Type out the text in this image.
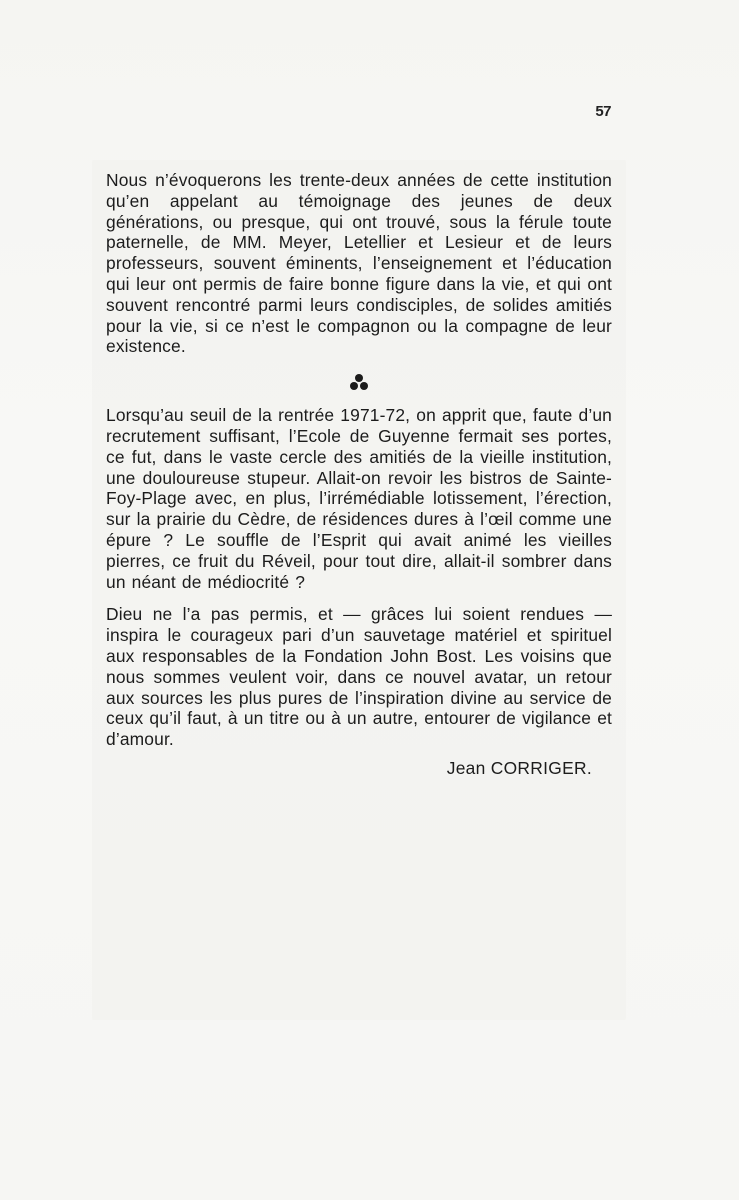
57

Nous n’évoquerons les trente-deux années de cette institution qu’en appelant au témoignage des jeunes de deux générations, ou presque, qui ont trouvé, sous la férule toute paternelle, de MM. Meyer, Letellier et Lesieur et de leurs professeurs, souvent éminents, l’enseignement et l’éducation qui leur ont permis de faire bonne figure dans la vie, et qui ont souvent rencontré parmi leurs condisciples, de solides amitiés pour la vie, si ce n’est le compagnon ou la compagne de leur existence.

Lorsqu’au seuil de la rentrée 1971-72, on apprit que, faute d’un recrutement suffisant, l’Ecole de Guyenne fermait ses portes, ce fut, dans le vaste cercle des amitiés de la vieille institution, une douloureuse stupeur. Allait-on revoir les bistros de Sainte-Foy-Plage avec, en plus, l’irrémédiable lotissement, l’érection, sur la prairie du Cèdre, de résidences dures à l’œil comme une épure ? Le souffle de l’Esprit qui avait animé les vieilles pierres, ce fruit du Réveil, pour tout dire, allait-il sombrer dans un néant de médiocrité ?

Dieu ne l’a pas permis, et — grâces lui soient rendues — inspira le courageux pari d’un sauvetage matériel et spirituel aux responsables de la Fondation John Bost. Les voisins que nous sommes veulent voir, dans ce nouvel avatar, un retour aux sources les plus pures de l’inspiration divine au service de ceux qu’il faut, à un titre ou à un autre, entourer de vigilance et d’amour.

Jean CORRIGER.
